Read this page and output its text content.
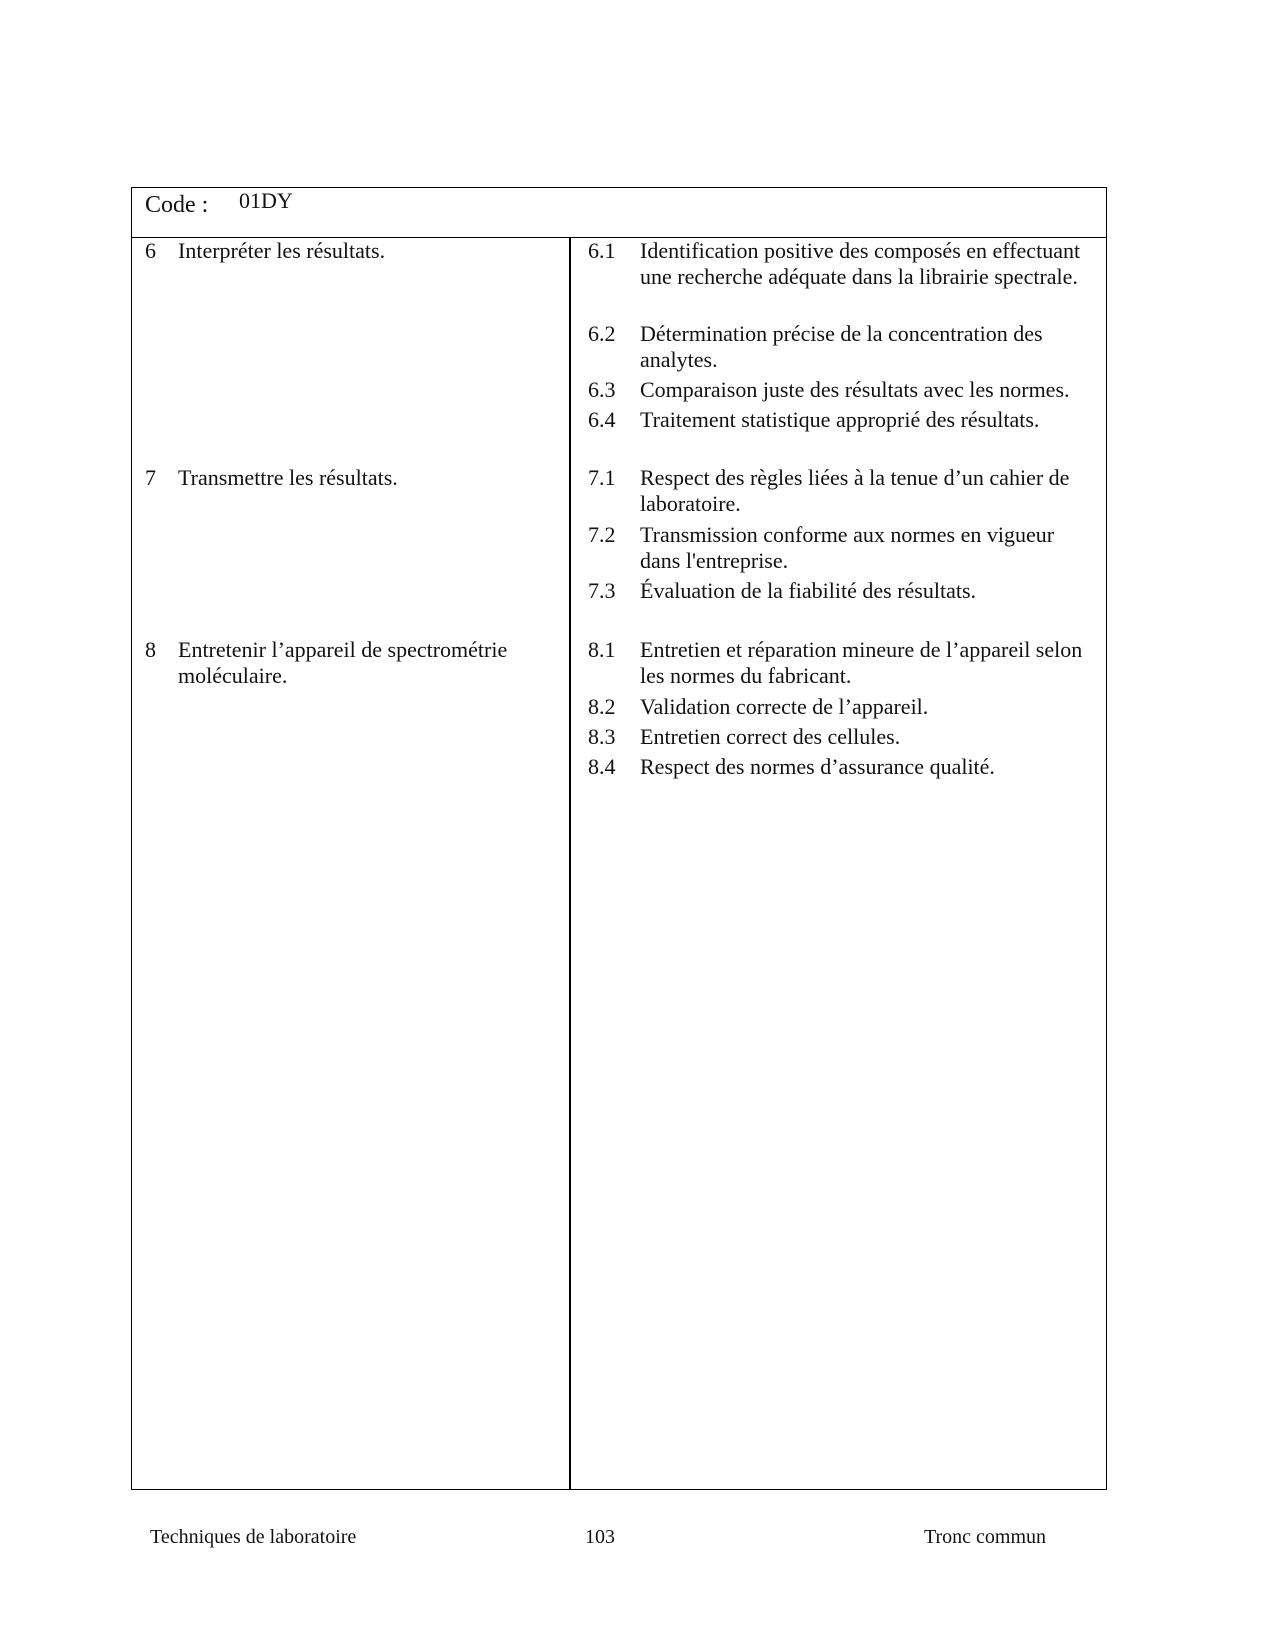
Code : 01DY
6 Interpréter les résultats.	6.1 Identification positive des composés en effectuant une recherche adéquate dans la librairie spectrale.
6.2 Détermination précise de la concentration des analytes.
6.3 Comparaison juste des résultats avec les normes.
6.4 Traitement statistique approprié des résultats.
7 Transmettre les résultats.	7.1 Respect des règles liées à la tenue d’un cahier de laboratoire.
7.2 Transmission conforme aux normes en vigueur dans l'entreprise.
7.3 Évaluation de la fiabilité des résultats.
8 Entretenir l’appareil de spectrométrie moléculaire.
8.1 Entretien et réparation mineure de l’appareil selon les normes du fabricant.
8.2 Validation correcte de l’appareil.
8.3 Entretien correct des cellules.
8.4 Respect des normes d’assurance qualité.
Techniques de laboratoire	103	Tronc commun
